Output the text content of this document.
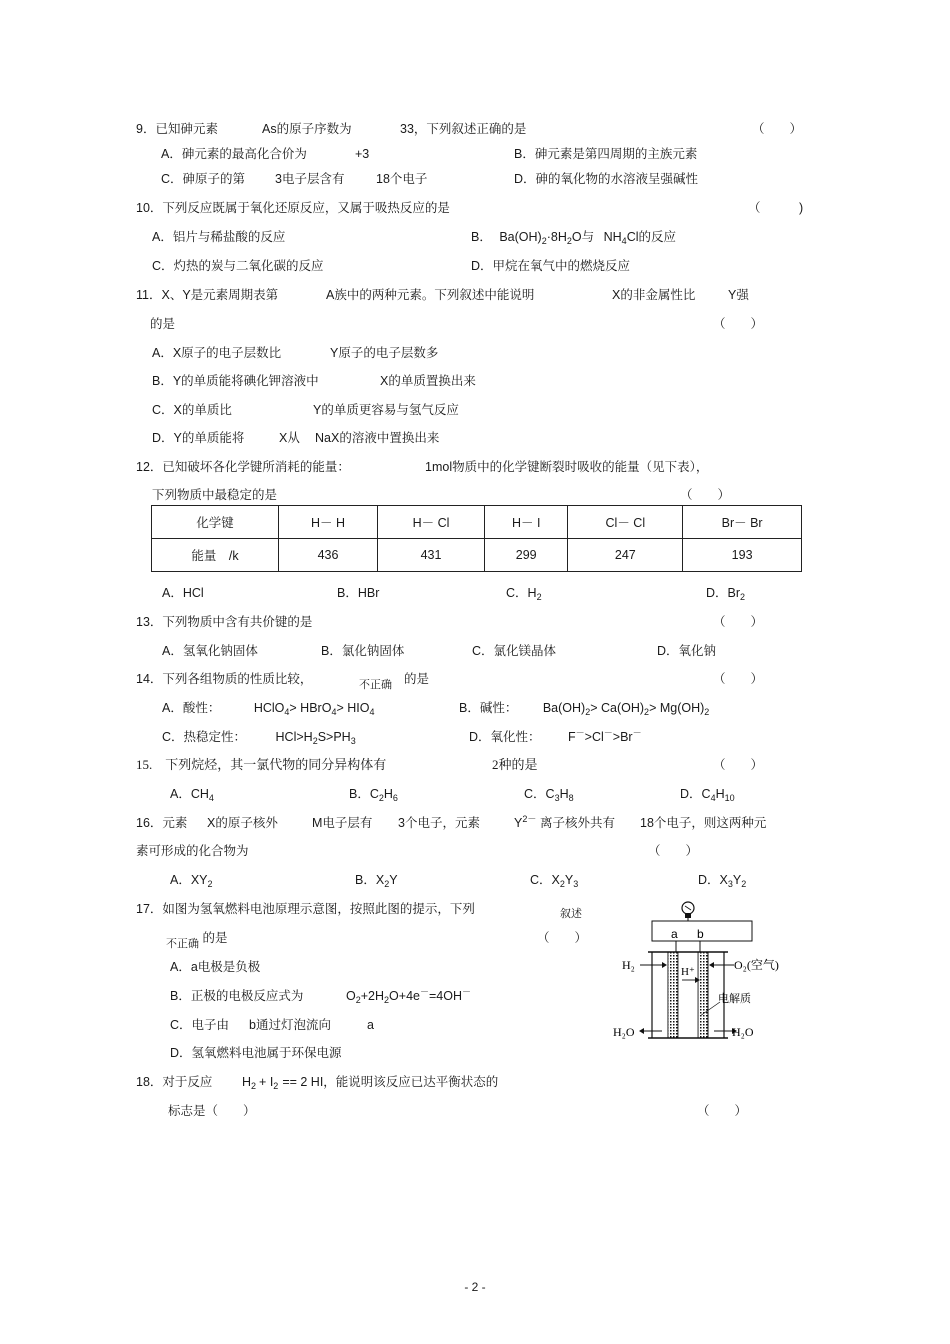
9．已知砷元素	As的原子序数为	33，下列叙述正确的是	（　　）
A．砷元素的最高化合价为	+3	B．砷元素是第四周期的主族元素
C．砷原子的第 3电子层含有	18个电子	D．砷的氧化物的水溶液呈强碱性
10．下列反应既属于氧化还原反应，又属于吸热反应的是	（	)
A．铝片与稀盐酸的反应	B． $Ba(OH)_2\cdot 8H_2O$与 $NH_4Cl$的反应
C．灼热的炭与二氧化碳的反应	D．甲烷在氧气中的燃烧反应
11．X、Y是元素周期表第	A族中的两种元素。下列叙述中能说明	X的非金属性比	Y强
的是	（　　）
A．X原子的电子层数比	Y原子的电子层数多
B．Y的单质能将碘化钾溶液中	X的单质置换出来
C．X的单质比	Y的单质更容易与氢气反应
D．Y的单质能将	X从 NaX的溶液中置换出来
12．已知破坏各化学键所消耗的能量：	1mol物质中的化学键断裂时吸收的能量（见下表），
下列物质中最稳定的是	（　　）
化学键	H－ H	H－ Cl	H－ I	Cl－ Cl	Br－ Br
能量　/k	436	431	299	247	193
A．HCl	B．HBr	C．$H_2$	D．$Br_2$
13．下列物质中含有共价键的是	（　　）
A．氢氧化钠固体	B．氯化钠固体	C．氯化镁晶体	D．氧化钠
14．下列各组物质的性质比较，	不正确 的是	（　　）
A．酸性：	HClO$_4$> HBrO$_4$> $HIO_4$	B．碱性： $Ba(OH)_2> Ca(OH)_2> Mg(OH)_2$
C．热稳定性： $HCl>H_2S>PH_3$	D．氧化性： F－>Cl－>Br－
15.　下列烷烃，其一氯代物的同分异构体有	2种的是	（　　）
A．$CH_4$	B．$C_2H_6$	C．$C_3H_8$	D．$C_4H_{10}$
16．元素 X的原子核外	M电子层有 3个电子，元素	$Y^{2-}$ 离子核外共有 18个电子，则这两种元
素可形成的化合物为	（　　）
A．$XY_2$	B．$X_2Y$	C．$X_2Y_3$	D．$X_3Y_2$
17．如图为氢氧燃料电池原理示意图，按照此图的提示，下列	叙述
不正确 的是	（　　）
A．a电极是负极
B．正极的电极反应式为	$O_2+2H_2O+4e^-=4OH^-$
C．电子由 b通过灯泡流向	a
D．氢氧燃料电池属于环保电源
a b
H₂	O₂(空气)
H⁺
电解质
H₂O	H₂O
18．对于反应 $H_2 + I_2 == 2$ HI，能说明该反应已达平衡状态的
标志是（　　）	（　　）
- 2 -
